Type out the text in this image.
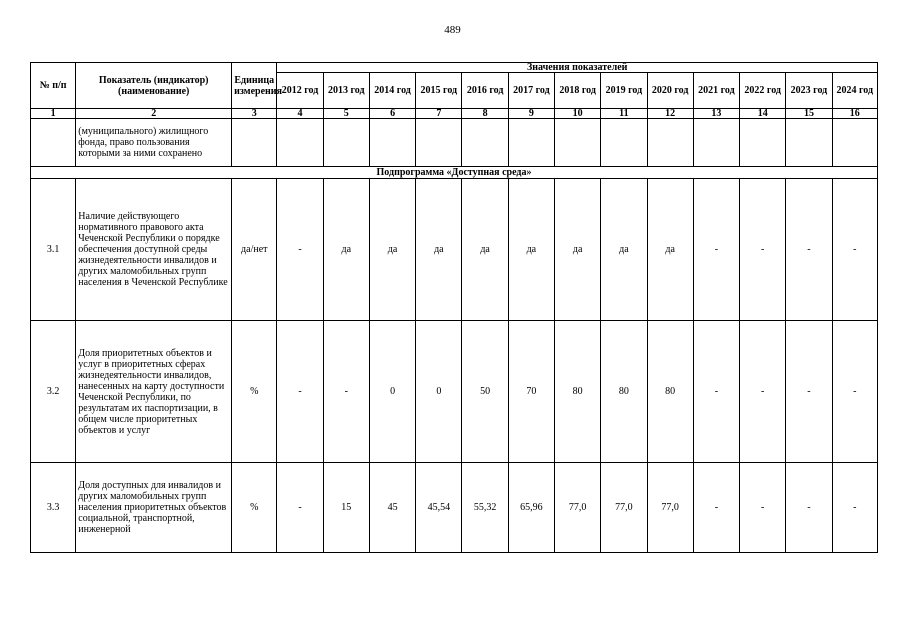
489
№ п/п	Показатель (индикатор) (наименование)	Единица измерения	Значения показателей												
			2012 год	2013 год	2014 год	2015 год	2016 год	2017 год	2018 год	2019 год	2020 год	2021 год	2022 год	2023 год	2024 год
1	2	3	4	5	6	7	8	9	10	11	12	13	14	15	16
	(муниципального) жилищного фонда, право пользования которыми за ними сохранено														
Подпрограмма «Доступная среда»															
3.1	Наличие действующего нормативного правового акта Чеченской Республики о порядке обеспечения доступной среды жизнедеятельности инвалидов и других маломобильных групп населения в Чеченской Республике	да/нет	-	да	да	да	да	да	да	да	да	-	-	-	-
3.2	Доля приоритетных объектов и услуг в приоритетных сферах жизнедеятельности инвалидов, нанесенных на карту доступности Чеченской Республики, по результатам их паспортизации, в общем числе приоритетных объектов и услуг	%	-	-	0	0	50	70	80	80	80	-	-	-	-
3.3	Доля доступных для инвалидов и других маломобильных групп населения приоритетных объектов социальной, транспортной, инженерной	%	-	15	45	45,54	55,32	65,96	77,0	77,0	77,0	-	-	-	-
